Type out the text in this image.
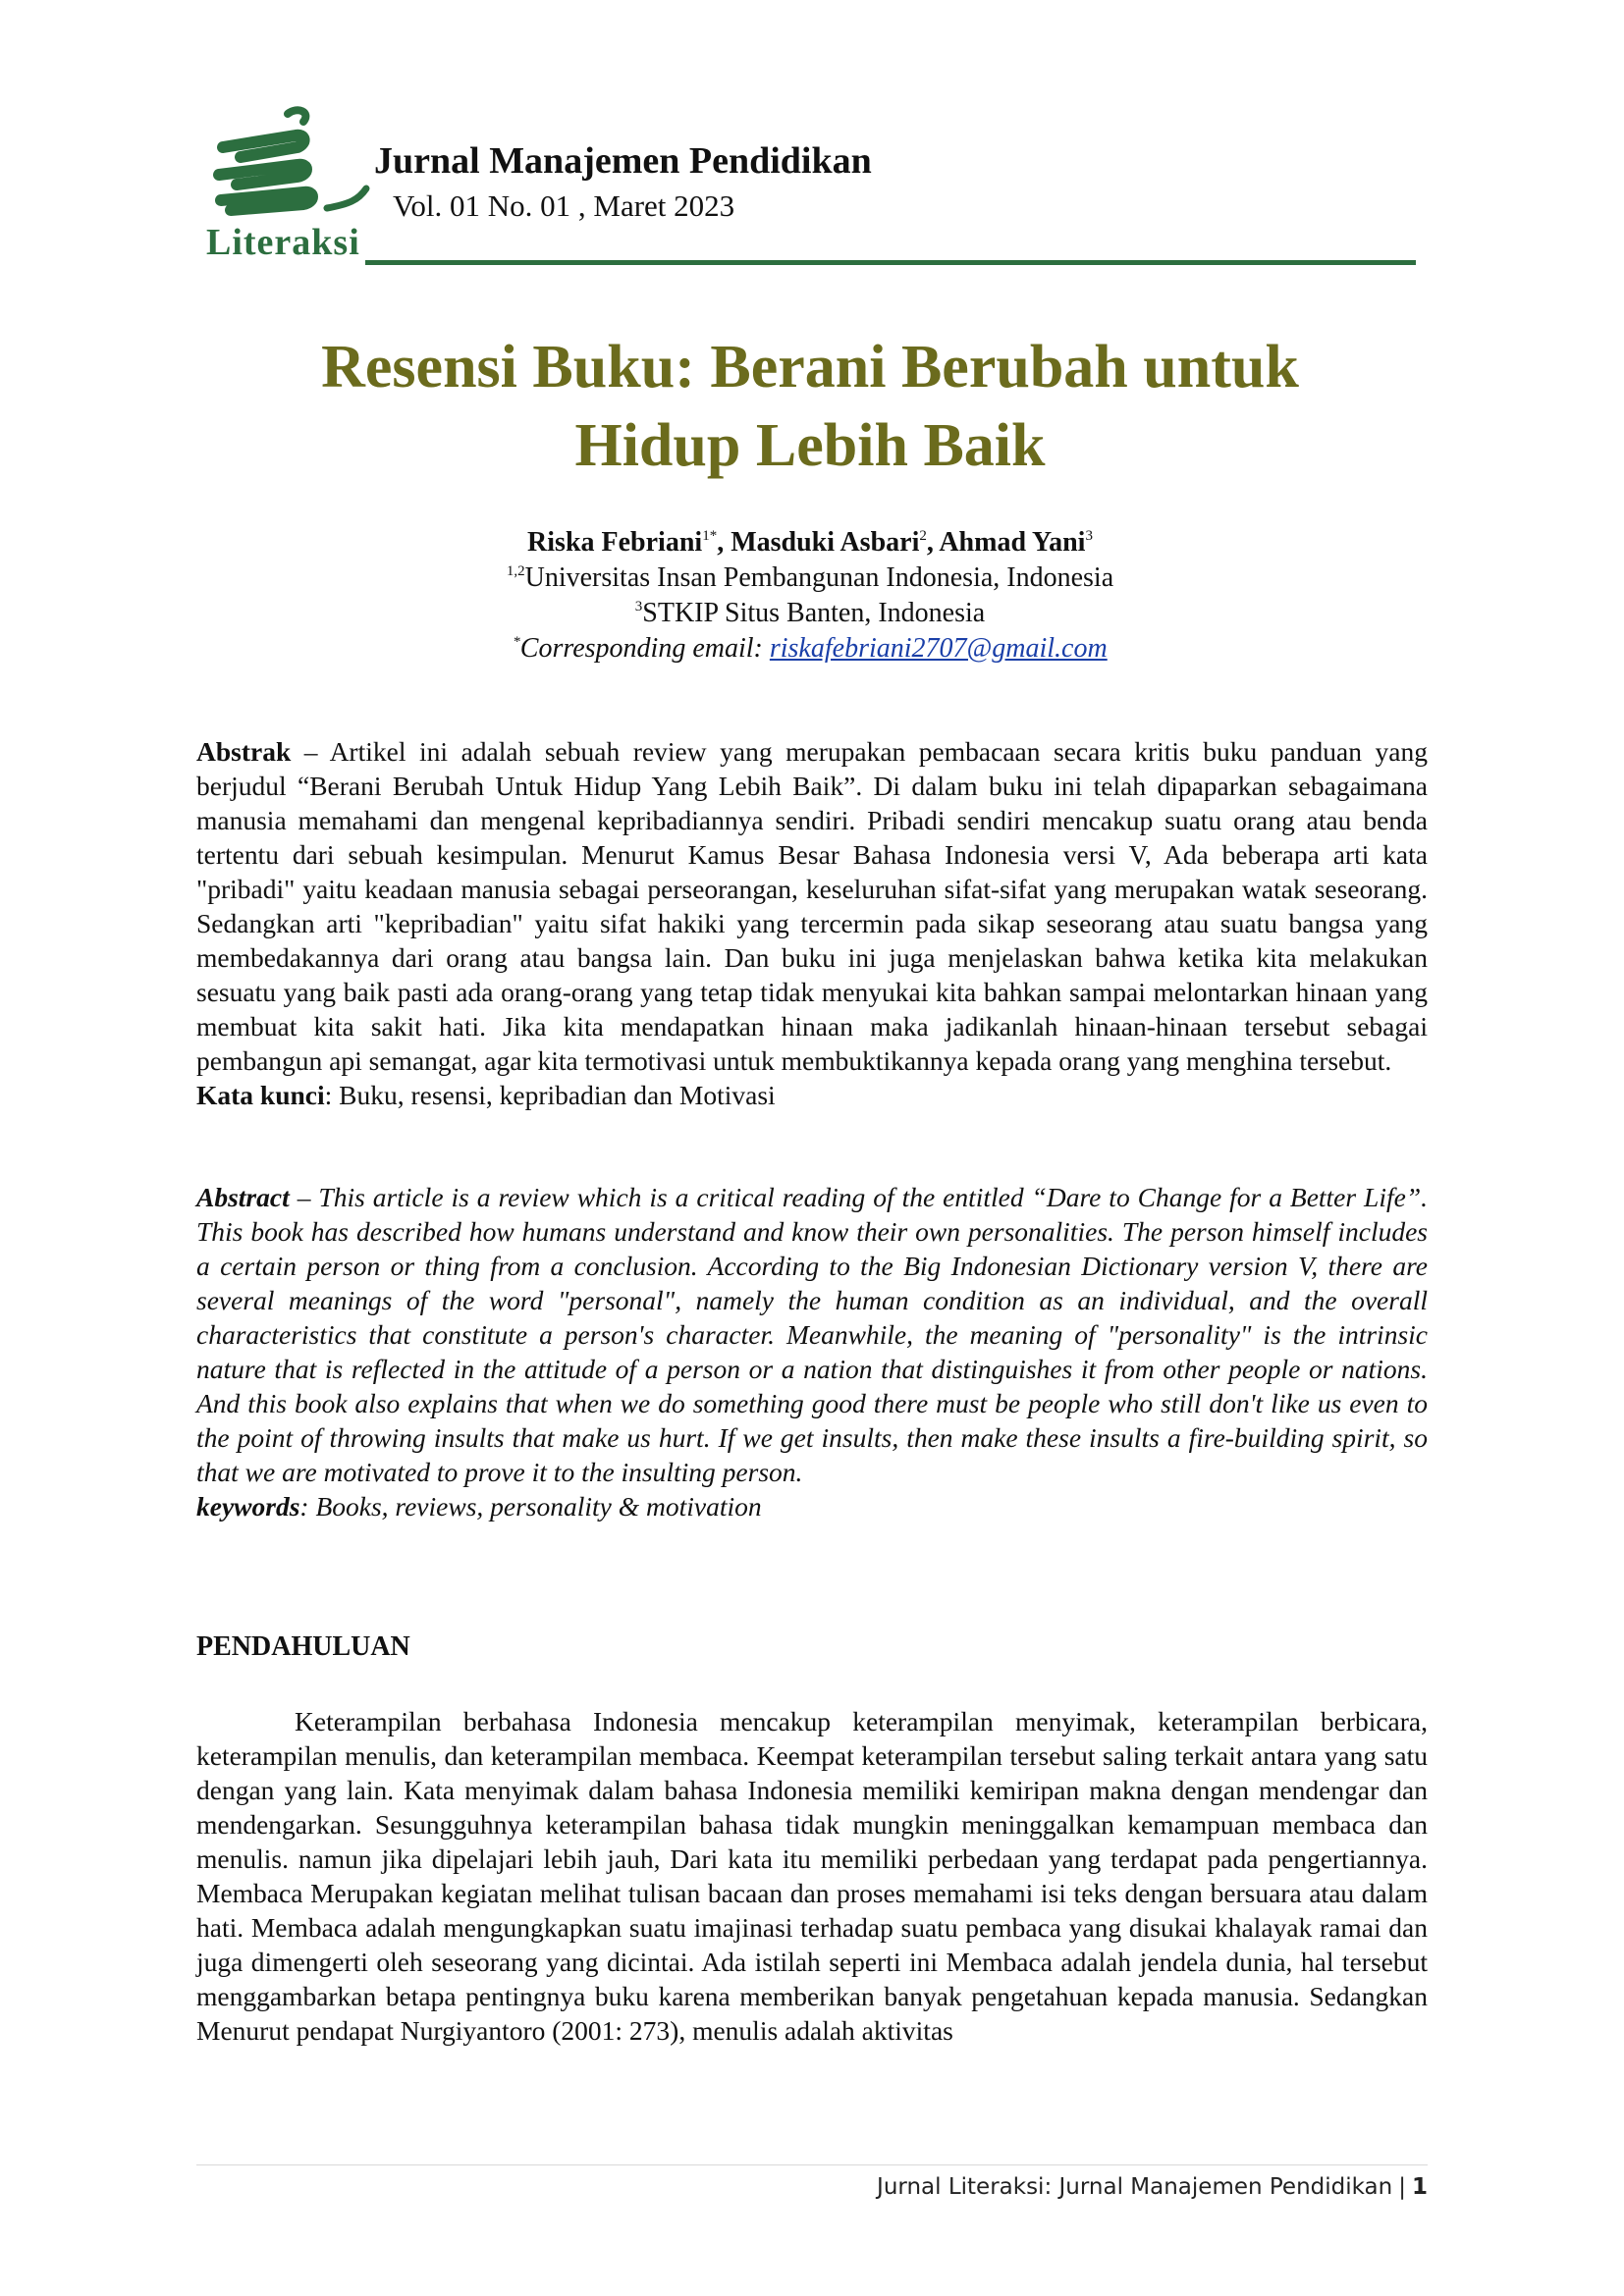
Literaksi
Jurnal Manajemen Pendidikan
Vol. 01 No. 01 , Maret 2023
Resensi Buku: Berani Berubah untuk
Hidup Lebih Baik
Riska Febriani$^{1*}$, Masduki Asbari$^2$, Ahmad Yani$^3$
$^{1,2}$Universitas Insan Pembangunan Indonesia, Indonesia
$^3$STKIP Situs Banten, Indonesia
*Corresponding email: riskafebriani2707@gmail.com

Abstrak – Artikel ini adalah sebuah review yang merupakan pembacaan secara kritis buku panduan yang berjudul “Berani Berubah Untuk Hidup Yang Lebih Baik”. Di dalam buku ini telah dipaparkan sebagaimana manusia memahami dan mengenal kepribadiannya sendiri. Pribadi sendiri mencakup suatu orang atau benda tertentu dari sebuah kesimpulan. Menurut Kamus Besar Bahasa Indonesia versi V, Ada beberapa arti kata "pribadi" yaitu keadaan manusia sebagai perseorangan, keseluruhan sifat-sifat yang merupakan watak seseorang. Sedangkan arti "kepribadian" yaitu sifat hakiki yang tercermin pada sikap seseorang atau suatu bangsa yang membedakannya dari orang atau bangsa lain. Dan buku ini juga menjelaskan bahwa ketika kita melakukan sesuatu yang baik pasti ada orang-orang yang tetap tidak menyukai kita bahkan sampai melontarkan hinaan yang membuat kita sakit hati. Jika kita mendapatkan hinaan maka jadikanlah hinaan-hinaan tersebut sebagai pembangun api semangat, agar kita termotivasi untuk membuktikannya kepada orang yang menghina tersebut.

Kata kunci: Buku, resensi, kepribadian dan Motivasi

Abstract – This article is a review which is a critical reading of the entitled “Dare to Change for a Better Life”. This book has described how humans understand and know their own personalities. The person himself includes a certain person or thing from a conclusion. According to the Big Indonesian Dictionary version V, there are several meanings of the word "personal", namely the human condition as an individual, and the overall characteristics that constitute a person's character. Meanwhile, the meaning of "personality" is the intrinsic nature that is reflected in the attitude of a person or a nation that distinguishes it from other people or nations. And this book also explains that when we do something good there must be people who still don't like us even to the point of throwing insults that make us hurt. If we get insults, then make these insults a fire-building spirit, so that we are motivated to prove it to the insulting person.

keywords: Books, reviews, personality & motivation

PENDAHULUAN

Keterampilan berbahasa Indonesia mencakup keterampilan menyimak, keterampilan berbicara, keterampilan menulis, dan keterampilan membaca. Keempat keterampilan tersebut saling terkait antara yang satu dengan yang lain. Kata menyimak dalam bahasa Indonesia memiliki kemiripan makna dengan mendengar dan mendengarkan. Sesungguhnya keterampilan bahasa tidak mungkin meninggalkan kemampuan membaca dan menulis. namun jika dipelajari lebih jauh, Dari kata itu memiliki perbedaan yang terdapat pada pengertiannya. Membaca Merupakan kegiatan melihat tulisan bacaan dan proses memahami isi teks dengan bersuara atau dalam hati. Membaca adalah mengungkapkan suatu imajinasi terhadap suatu pembaca yang disukai khalayak ramai dan juga dimengerti oleh seseorang yang dicintai. Ada istilah seperti ini Membaca adalah jendela dunia, hal tersebut menggambarkan betapa pentingnya buku karena memberikan banyak pengetahuan kepada manusia. Sedangkan Menurut pendapat Nurgiyantoro (2001: 273), menulis adalah aktivitas

Jurnal Literaksi: Jurnal Manajemen Pendidikan | 1
